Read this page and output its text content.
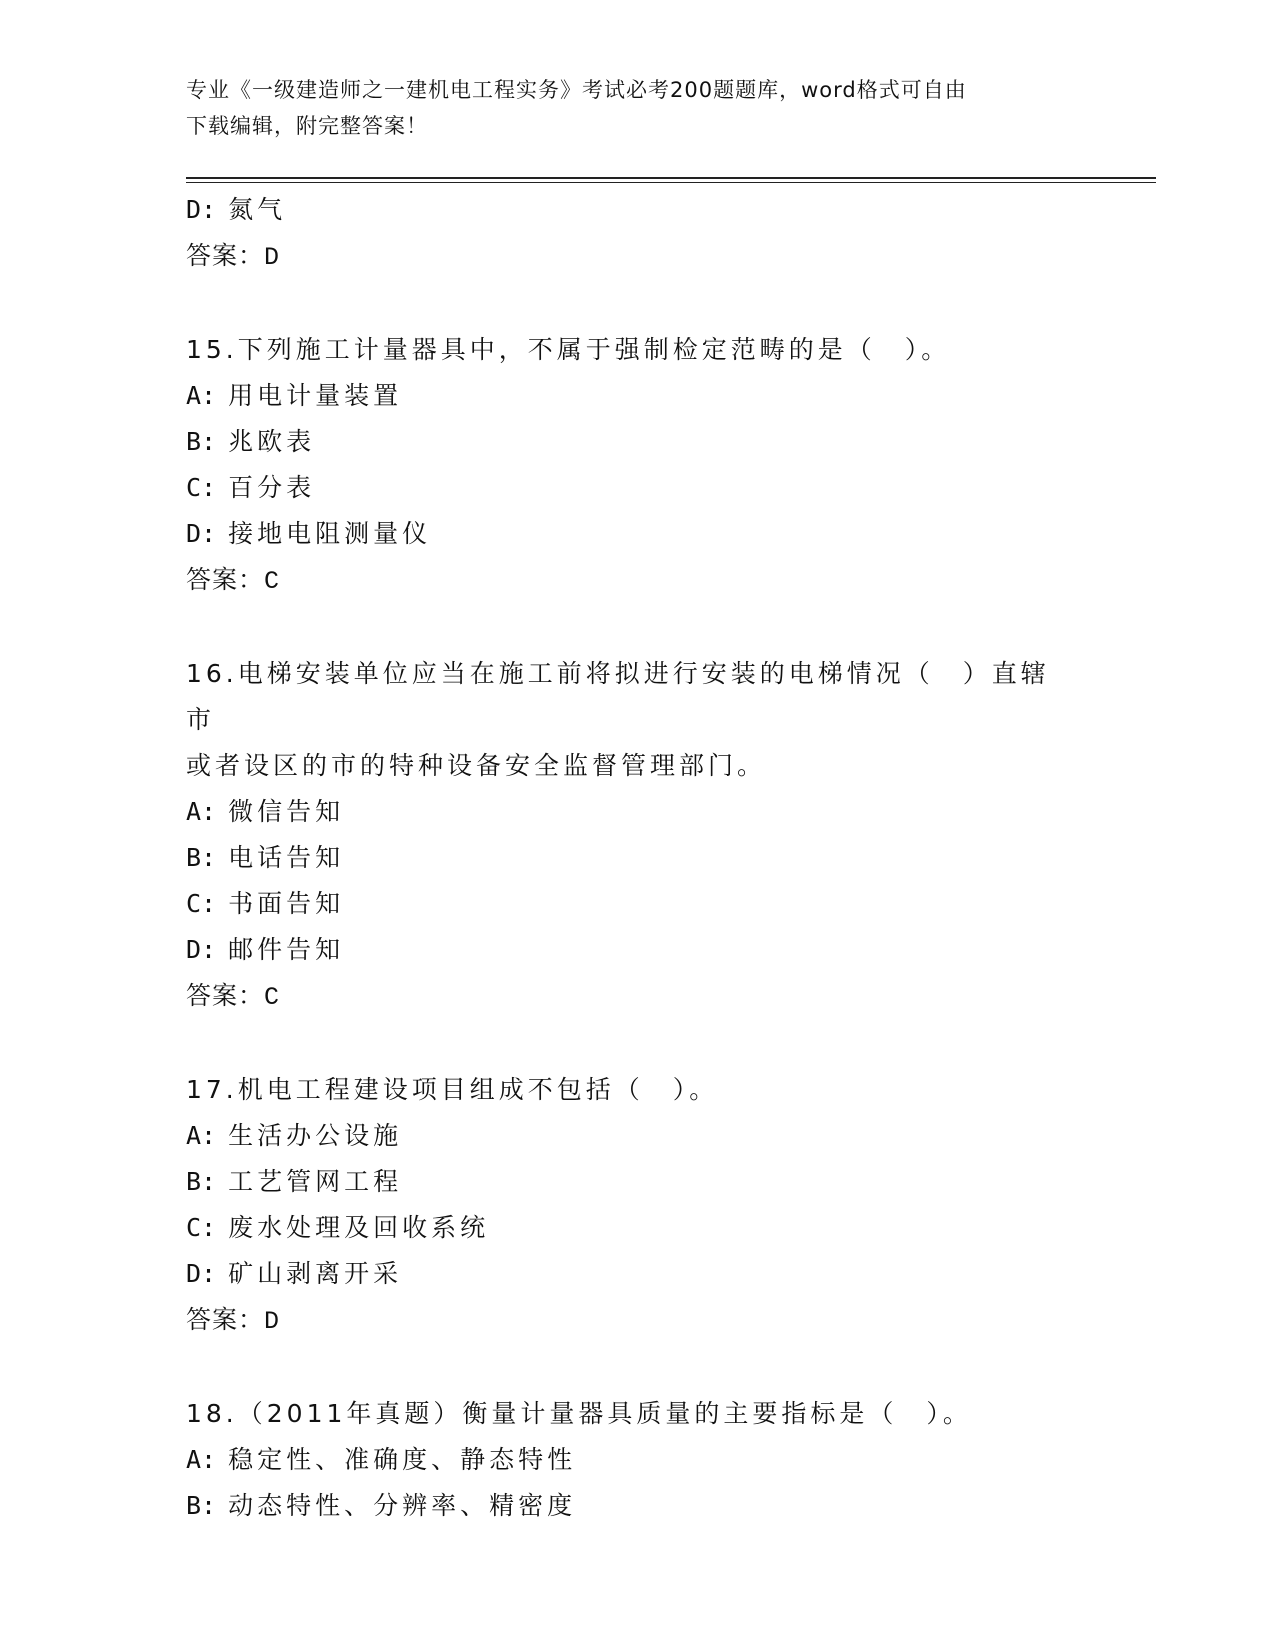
专业《一级建造师之一建机电工程实务》考试必考200题题库，word格式可自由
下载编辑，附完整答案！
D: 氮气
答案：D
15.下列施工计量器具中，不属于强制检定范畴的是（　）。
A: 用电计量装置
B: 兆欧表
C: 百分表
D: 接地电阻测量仪
答案：C
16.电梯安装单位应当在施工前将拟进行安装的电梯情况（　）直辖市
或者设区的市的特种设备安全监督管理部门。
A: 微信告知
B: 电话告知
C: 书面告知
D: 邮件告知
答案：C
17.机电工程建设项目组成不包括（　）。
A: 生活办公设施
B: 工艺管网工程
C: 废水处理及回收系统
D: 矿山剥离开采
答案：D
18.（2011年真题）衡量计量器具质量的主要指标是（　）。
A: 稳定性、准确度、静态特性
B: 动态特性、分辨率、精密度
